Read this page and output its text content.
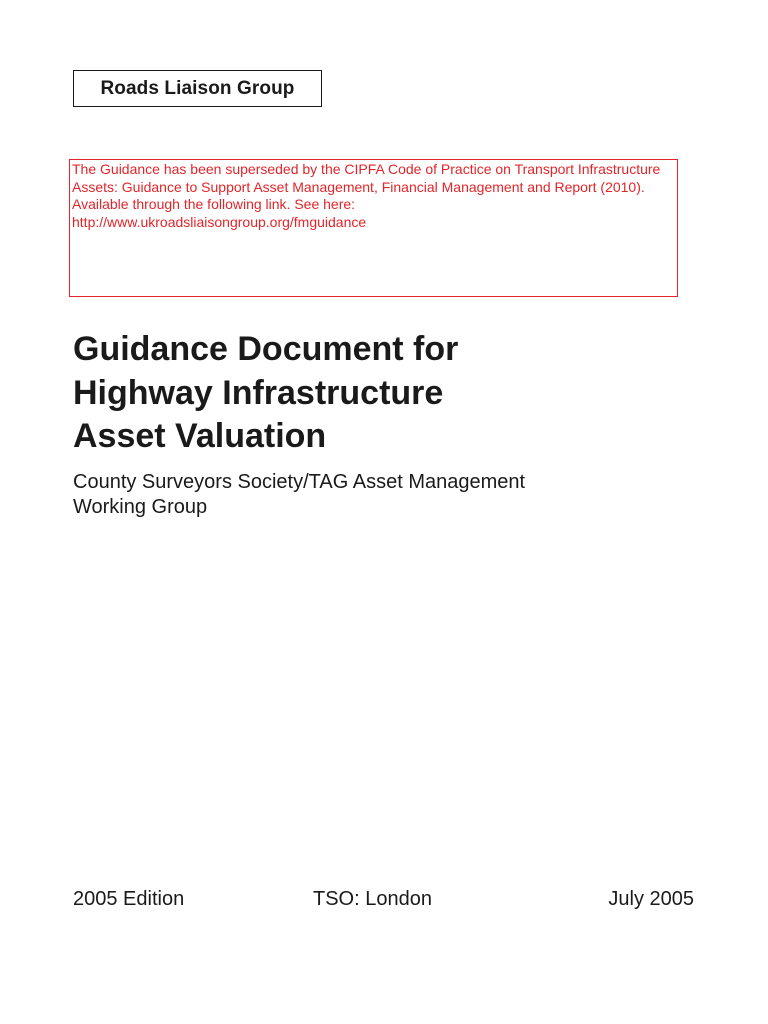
Roads Liaison Group

The Guidance has been superseded by the CIPFA Code of Practice on Transport Infrastructure Assets: Guidance to Support Asset Management, Financial Management and Report (2010).

Available through the following link. See here:

http://www.ukroadsliaisongroup.org/fmguidance

Guidance Document for
Highway Infrastructure
Asset Valuation

County Surveyors Society/TAG Asset Management
Working Group

2005 Edition	TSO: London	July 2005
